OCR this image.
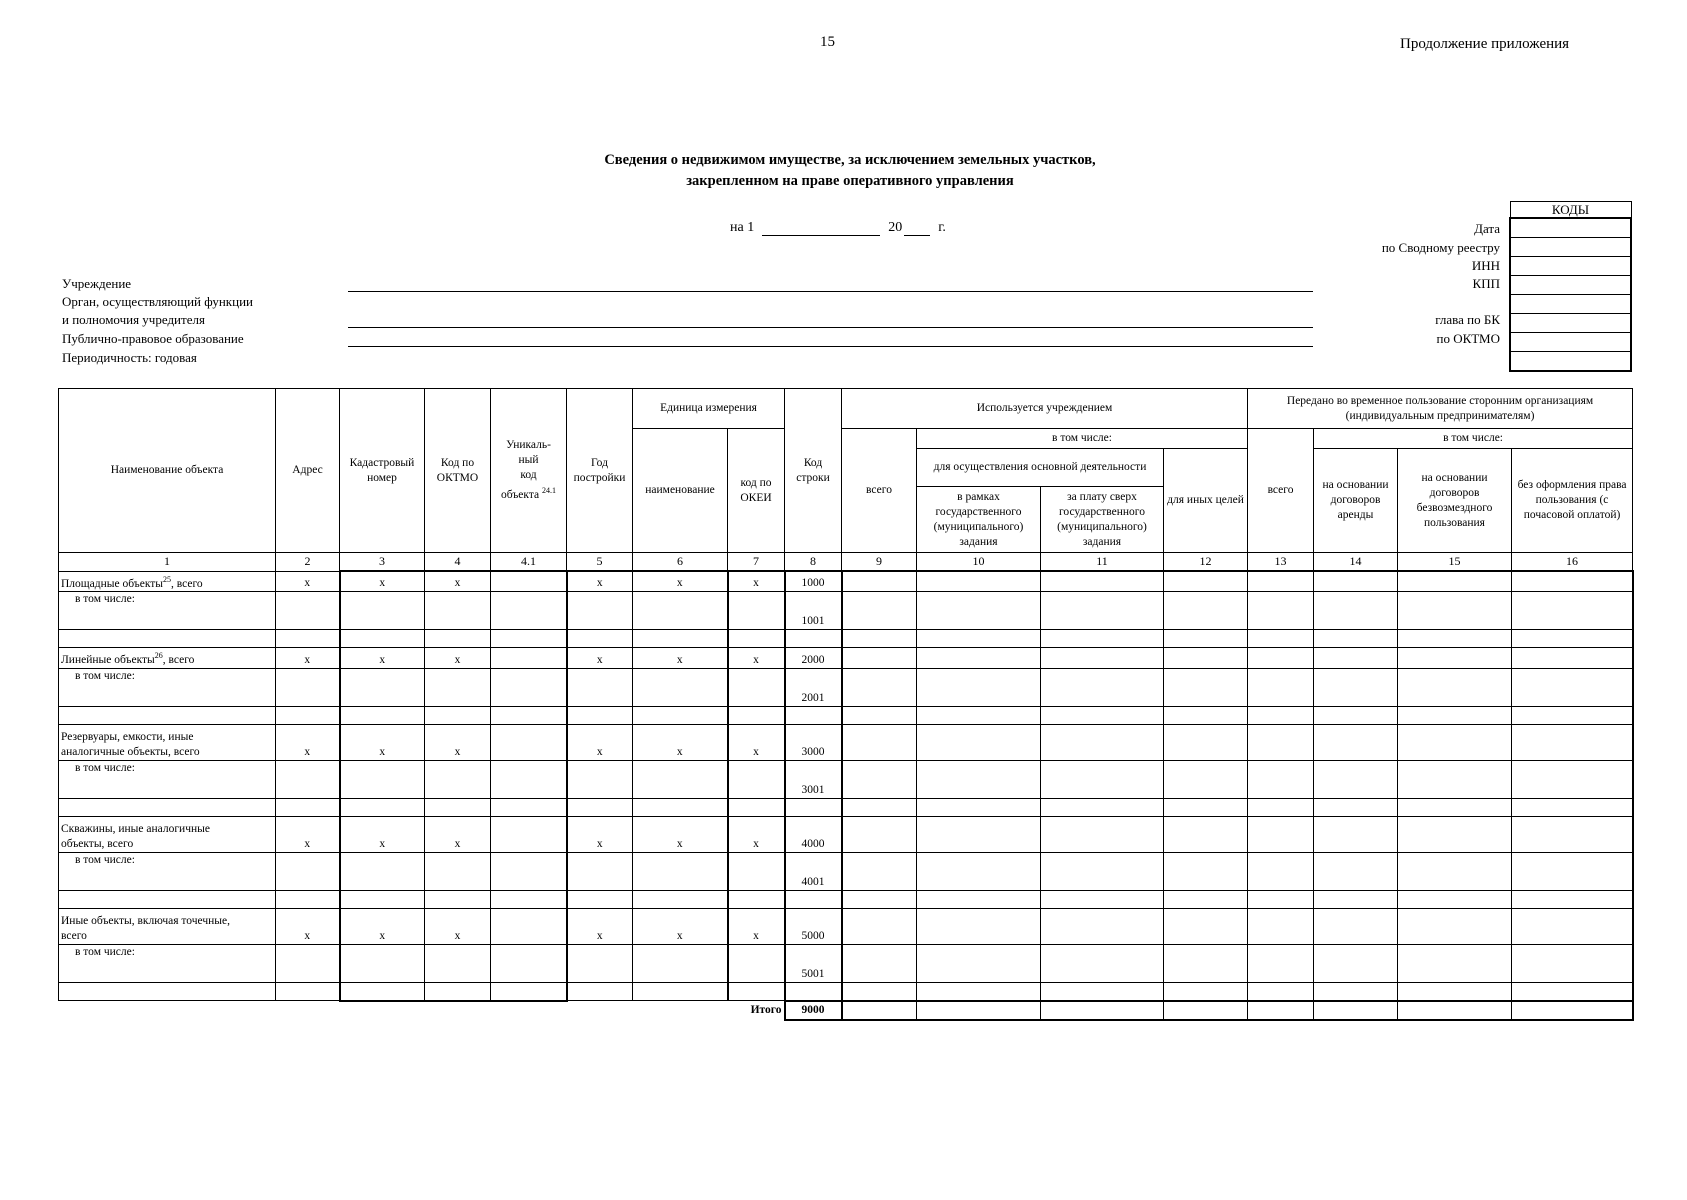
15	Продолжение приложения
Сведения о недвижимом имуществе, за исключением земельных участков,
закрепленном на праве оперативного управления
на 1	20	г.
Учреждение
Орган, осуществляющий функции
и полномочия учредителя
Публично-правовое образование
Периодичность: годовая
Дата
по Сводному реестру
ИНН
КПП
глава по БК
по ОКТМО
КОДЫ

Наименование объекта	Адрес	Кадастровый номер	Код по ОКТМО	Уникаль-
ный
код
объекта $^{24.1}$	Год постройки	Единица измерения		Код строки	Используется учреждением				Передано во временное пользование сторонним организациям (индивидуальным предпринимателям)			
						наименование	код по ОКЕИ		всего	в том числе:			всего	в том числе:		
										для осуществления основной деятельности		для иных целей		на основании договоров аренды	на основании договоров безвозмездного пользования	без оформления права пользования (с почасовой оплатой)
										в рамках государственного (муниципального) задания	за плату сверх государственного (муниципального) задания					
1	2	3	4	4.1	5	6	7	8	9	10	11	12	13	14	15	16
Площадные объекты$^{25}$, всего	x	x	x		x	x	x	1000								
в том числе:								1001								

Линейные объекты$^{26}$, всего	x	x	x		x	x	x	2000								
в том числе:								2001								

Резервуары, емкости, иные
аналогичные объекты, всего	x	x	x		x	x	x	3000								
в том числе:								3001								

Скважины, иные аналогичные
объекты, всего	x	x	x		x	x	x	4000								
в том числе:								4001								

Иные объекты, включая точечные,
всего	x	x	x		x	x	x	5000								
в том числе:								5001								

							Итого	9000								
